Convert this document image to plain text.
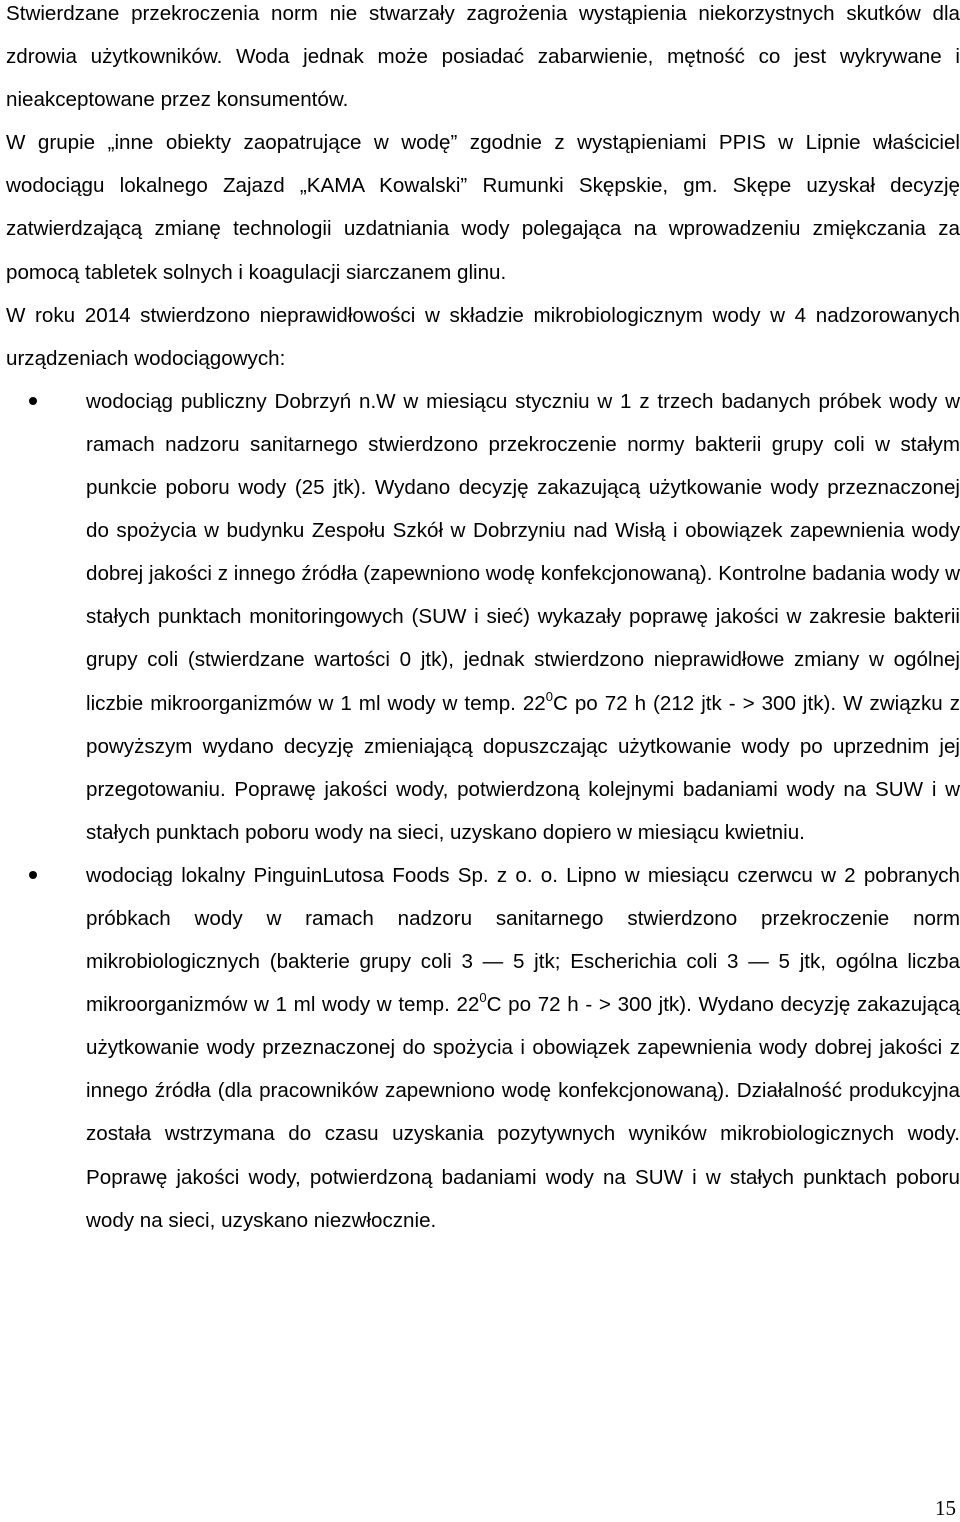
Stwierdzane przekroczenia norm nie stwarzały zagrożenia wystąpienia niekorzystnych skutków dla zdrowia użytkowników. Woda jednak może posiadać zabarwienie, mętność co jest wykrywane i nieakceptowane przez konsumentów.

W grupie „inne obiekty zaopatrujące w wodę” zgodnie z wystąpieniami PPIS w Lipnie właściciel wodociągu lokalnego Zajazd „KAMA Kowalski” Rumunki Skępskie, gm. Skępe uzyskał decyzję zatwierdzającą zmianę technologii uzdatniania wody polegająca na wprowadzeniu zmiękczania za pomocą tabletek solnych i koagulacji siarczanem glinu.

W roku 2014 stwierdzono nieprawidłowości w składzie mikrobiologicznym wody w 4 nadzorowanych urządzeniach wodociągowych:

wodociąg publiczny Dobrzyń n.W w miesiącu styczniu w 1 z trzech badanych próbek wody w ramach nadzoru sanitarnego stwierdzono przekroczenie normy bakterii grupy coli w stałym punkcie poboru wody (25 jtk). Wydano decyzję zakazującą użytkowanie wody przeznaczonej do spożycia w budynku Zespołu Szkół w Dobrzyniu nad Wisłą i obowiązek zapewnienia wody dobrej jakości z innego źródła (zapewniono wodę konfekcjonowaną). Kontrolne badania wody w stałych punktach monitoringowych (SUW i sieć) wykazały poprawę jakości w zakresie bakterii grupy coli (stwierdzane wartości 0 jtk), jednak stwierdzono nieprawidłowe zmiany w ogólnej liczbie mikroorganizmów w 1 ml wody w temp. $22^0C$ po 72 h (212 jtk - > 300 jtk). W związku z powyższym wydano decyzję zmieniającą dopuszczając użytkowanie wody po uprzednim jej przegotowaniu. Poprawę jakości wody, potwierdzoną kolejnymi badaniami wody na SUW i w stałych punktach poboru wody na sieci, uzyskano dopiero w miesiącu kwietniu.
wodociąg lokalny PinguinLutosa Foods Sp. z o. o. Lipno w miesiącu czerwcu w 2 pobranych próbkach wody w ramach nadzoru sanitarnego stwierdzono przekroczenie norm mikrobiologicznych (bakterie grupy coli 3 — 5 jtk; Escherichia coli 3 — 5 jtk, ogólna liczba mikroorganizmów w 1 ml wody w temp. $22^0C$ po 72 h - > 300 jtk). Wydano decyzję zakazującą użytkowanie wody przeznaczonej do spożycia i obowiązek zapewnienia wody dobrej jakości z innego źródła (dla pracowników zapewniono wodę konfekcjonowaną). Działalność produkcyjna została wstrzymana do czasu uzyskania pozytywnych wyników mikrobiologicznych wody. Poprawę jakości wody, potwierdzoną badaniami wody na SUW i w stałych punktach poboru wody na sieci, uzyskano niezwłocznie.
15
